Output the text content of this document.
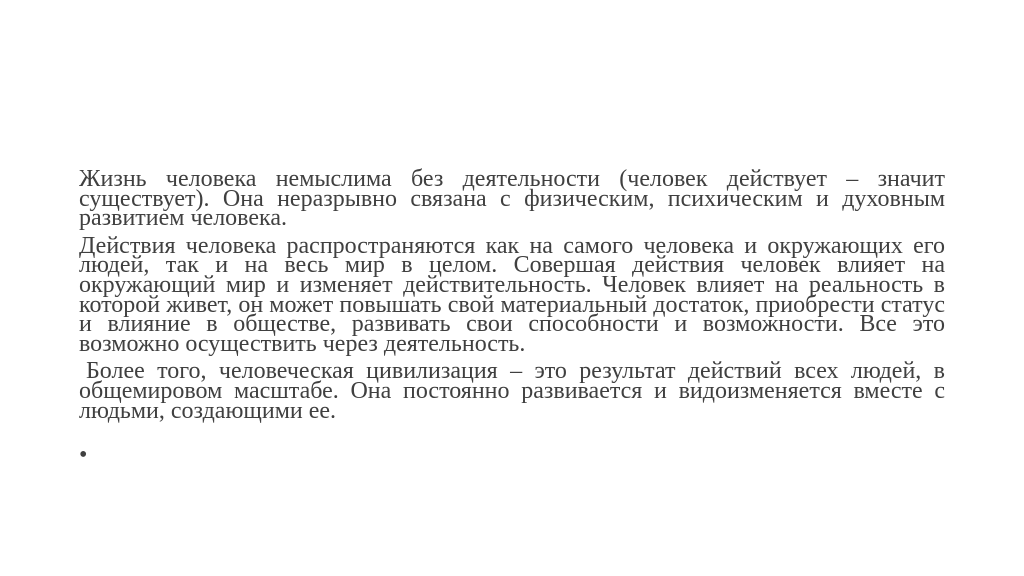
Жизнь человека немыслима без деятельности (человек действует – значит существует). Она неразрывно связана с физическим, психическим и духовным развитием человека.

Действия человека распространяются как на самого человека и окружающих его людей, так и на весь мир в целом. Совершая действия человек влияет на окружающий мир и изменяет действительность. Человек влияет на реальность в которой живет, он может повышать свой материальный достаток, приобрести статус и влияние в обществе, развивать свои способности и возможности. Все это возможно осуществить через деятельность.

Более того, человеческая цивилизация – это результат действий всех людей, в общемировом масштабе. Она постоянно развивается и видоизменяется вместе с людьми, создающими ее.

•
